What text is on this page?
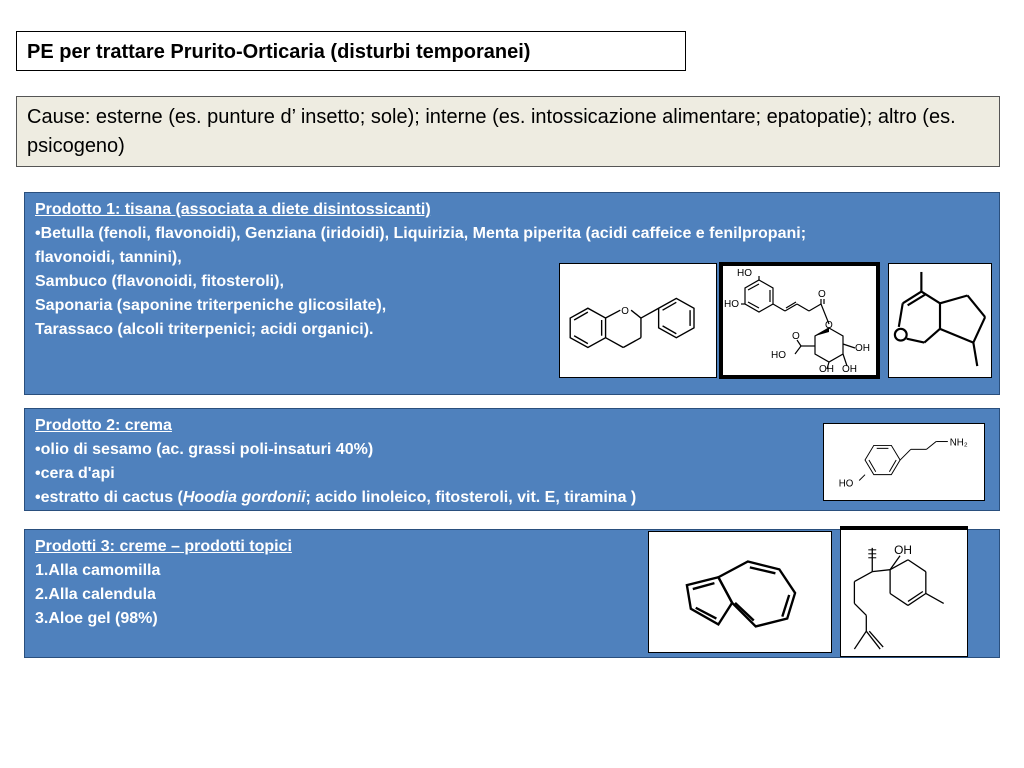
PE per trattare Prurito-Orticaria (disturbi temporanei)
Cause: esterne (es. punture d’ insetto; sole); interne (es. intossicazione alimentare; epatopatie); altro (es. psicogeno)
Prodotto 1: tisana (associata a diete disintossicanti)
•Betulla (fenoli, flavonoidi), Genziana (iridoidi), Liquirizia, Menta piperita (acidi caffeice e fenilpropani;
flavonoidi, tannini),
Sambuco (flavonoidi, fitosteroli),
Saponaria (saponine triterpeniche glicosilate),
Tarassaco (alcoli triterpenici; acidi organici).
O
HO
HO
O
O
OH
HO
O
OH OH
Prodotto 2: crema
•olio di sesamo (ac. grassi poli-insaturi 40%)
•cera d'api
•estratto di cactus (Hoodia gordonii; acido linoleico, fitosteroli, vit. E, tiramina )
NH₂
HO
Prodotti 3: creme – prodotti topici
1.Alla camomilla
2.Alla calendula
3.Aloe gel (98%)
OH
